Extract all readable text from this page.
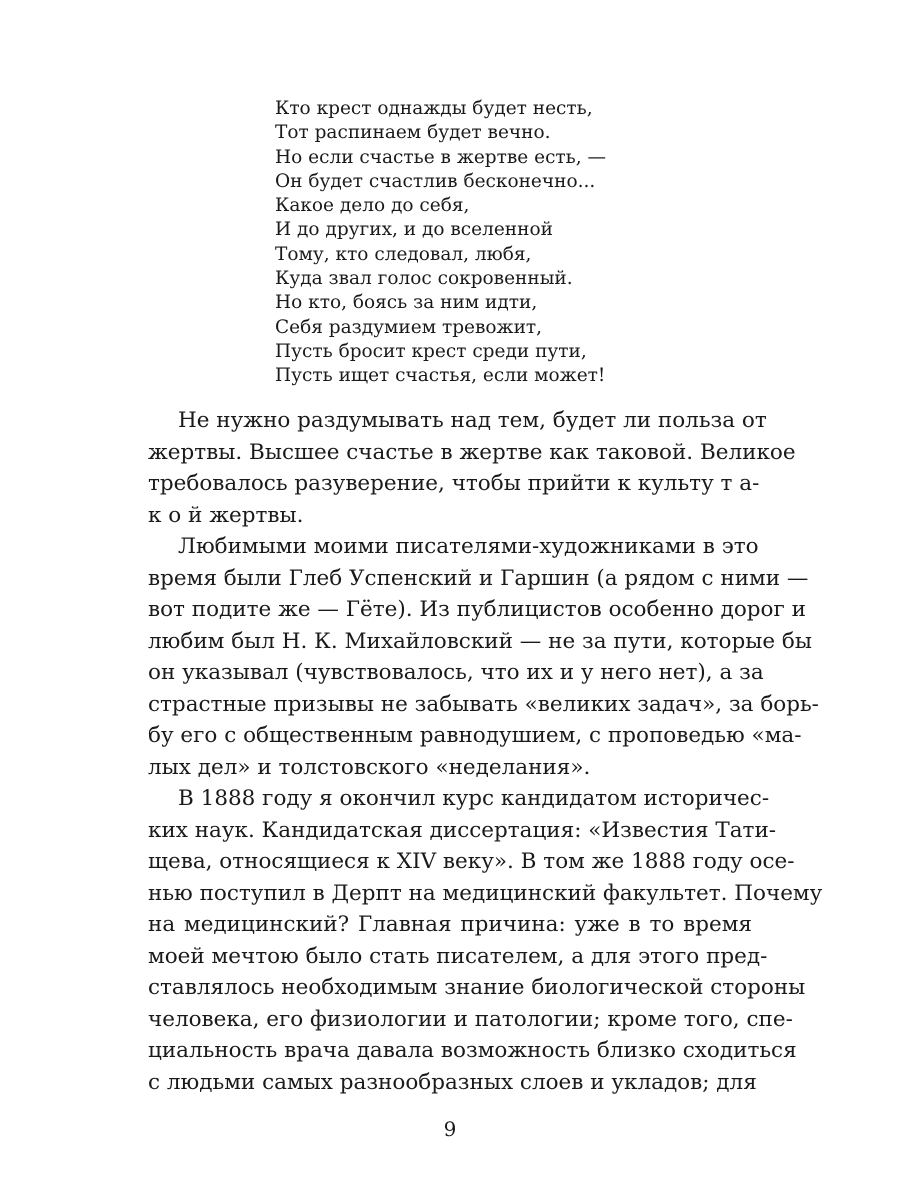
Кто крест однажды будет несть,
Тот распинаем будет вечно.
Но если счастье в жертве есть, —
Он будет счастлив бесконечно...
Какое дело до себя,
И до других, и до вселенной
Тому, кто следовал, любя,
Куда звал голос сокровенный.
Но кто, боясь за ним идти,
Себя раздумием тревожит,
Пусть бросит крест среди пути,
Пусть ищет счастья, если может!

Не нужно раздумывать над тем, будет ли польза от
жертвы. Высшее счастье в жертве как таковой. Великое
требовалось разуверение, чтобы прийти к культу т а-
к о й жертвы.

Любимыми моими писателями-художниками в это
время были Глеб Успенский и Гаршин (а рядом с ними —
вот подите же — Гёте). Из публицистов особенно дорог и
любим был Н. К. Михайловский — не за пути, которые бы
он указывал (чувствовалось, что их и у него нет), а за
страстные призывы не забывать «великих задач», за борь-
бу его с общественным равнодушием, с проповедью «ма-
лых дел» и толстовского «неделания».

В 1888 году я окончил курс кандидатом историчес-
ких наук. Кандидатская диссертация: «Известия Тати-
щева, относящиеся к XIV веку». В том же 1888 году осе-
нью поступил в Дерпт на медицинский факультет. Почему
на медицинский? Главная причина: уже в то время
моей мечтою было стать писателем, а для этого пред-
ставлялось необходимым знание биологической стороны
человека, его физиологии и патологии; кроме того, спе-
циальность врача давала возможность близко сходиться
с людьми самых разнообразных слоев и укладов; для

9
